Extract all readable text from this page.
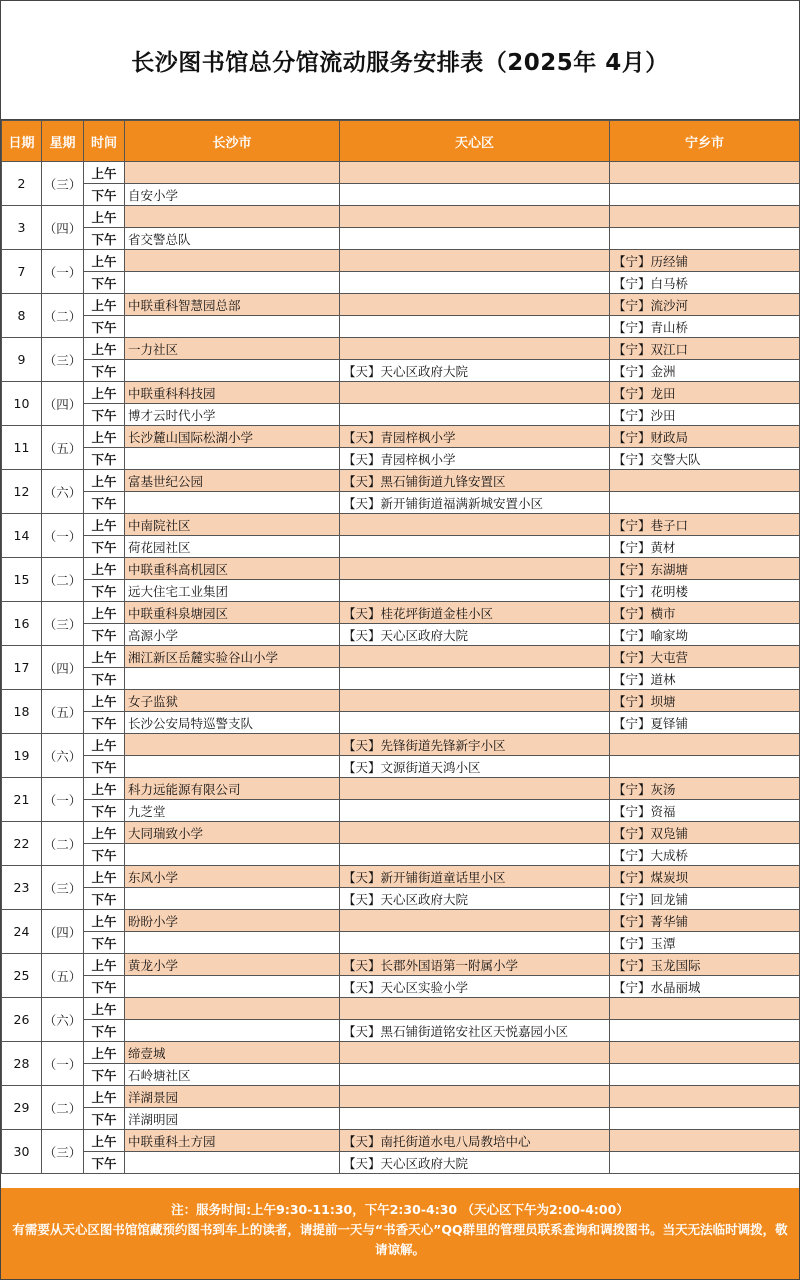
长沙图书馆总分馆流动服务安排表（2025年 4月）
日期	星期	时间	长沙市	天心区	宁乡市
2	（三）	上午			
		下午	自安小学		
3	（四）	上午			
		下午	省交警总队		
7	（一）	上午			【宁】历经铺
		下午			【宁】白马桥
8	（二）	上午	中联重科智慧园总部		【宁】流沙河
		下午			【宁】青山桥
9	（三）	上午	一力社区		【宁】双江口
		下午		【天】天心区政府大院	【宁】金洲
10	（四）	上午	中联重科科技园		【宁】龙田
		下午	博才云时代小学		【宁】沙田
11	（五）	上午	长沙麓山国际松湖小学	【天】青园梓枫小学	【宁】财政局
		下午		【天】青园梓枫小学	【宁】交警大队
12	（六）	上午	富基世纪公园	【天】黑石铺街道九锋安置区	
		下午		【天】新开铺街道福满新城安置小区	
14	（一）	上午	中南院社区		【宁】巷子口
		下午	荷花园社区		【宁】黄材
15	（二）	上午	中联重科高机园区		【宁】东湖塘
		下午	远大住宅工业集团		【宁】花明楼
16	（三）	上午	中联重科泉塘园区	【天】桂花坪街道金桂小区	【宁】横市
		下午	高源小学	【天】天心区政府大院	【宁】喻家坳
17	（四）	上午	湘江新区岳麓实验谷山小学		【宁】大屯营
		下午			【宁】道林
18	（五）	上午	女子监狱		【宁】坝塘
		下午	长沙公安局特巡警支队		【宁】夏铎铺
19	（六）	上午		【天】先锋街道先锋新宇小区	
		下午		【天】文源街道天鸿小区	
21	（一）	上午	科力远能源有限公司		【宁】灰汤
		下午	九芝堂		【宁】资福
22	（二）	上午	大同瑞致小学		【宁】双凫铺
		下午			【宁】大成桥
23	（三）	上午	东风小学	【天】新开铺街道童话里小区	【宁】煤炭坝
		下午		【天】天心区政府大院	【宁】回龙铺
24	（四）	上午	盼盼小学		【宁】菁华铺
		下午			【宁】玉潭
25	（五）	上午	黄龙小学	【天】长郡外国语第一附属小学	【宁】玉龙国际
		下午		【天】天心区实验小学	【宁】水晶丽城
26	（六）	上午			
		下午		【天】黑石铺街道铭安社区天悦嘉园小区	
28	（一）	上午	缔壹城		
		下午	石岭塘社区		
29	（二）	上午	洋湖景园		
		下午	洋湖明园		
30	（三）	上午	中联重科土方园	【天】南托街道水电八局教培中心	
		下午		【天】天心区政府大院	

注：服务时间:上午9:30-11:30，下午2:30-4:30 （天心区下午为2:00-4:00）

有需要从天心区图书馆馆藏预约图书到车上的读者，请提前一天与“书香天心”QQ群里的管理员联系查询和调拨图书。当天无法临时调拨，敬请谅解。
